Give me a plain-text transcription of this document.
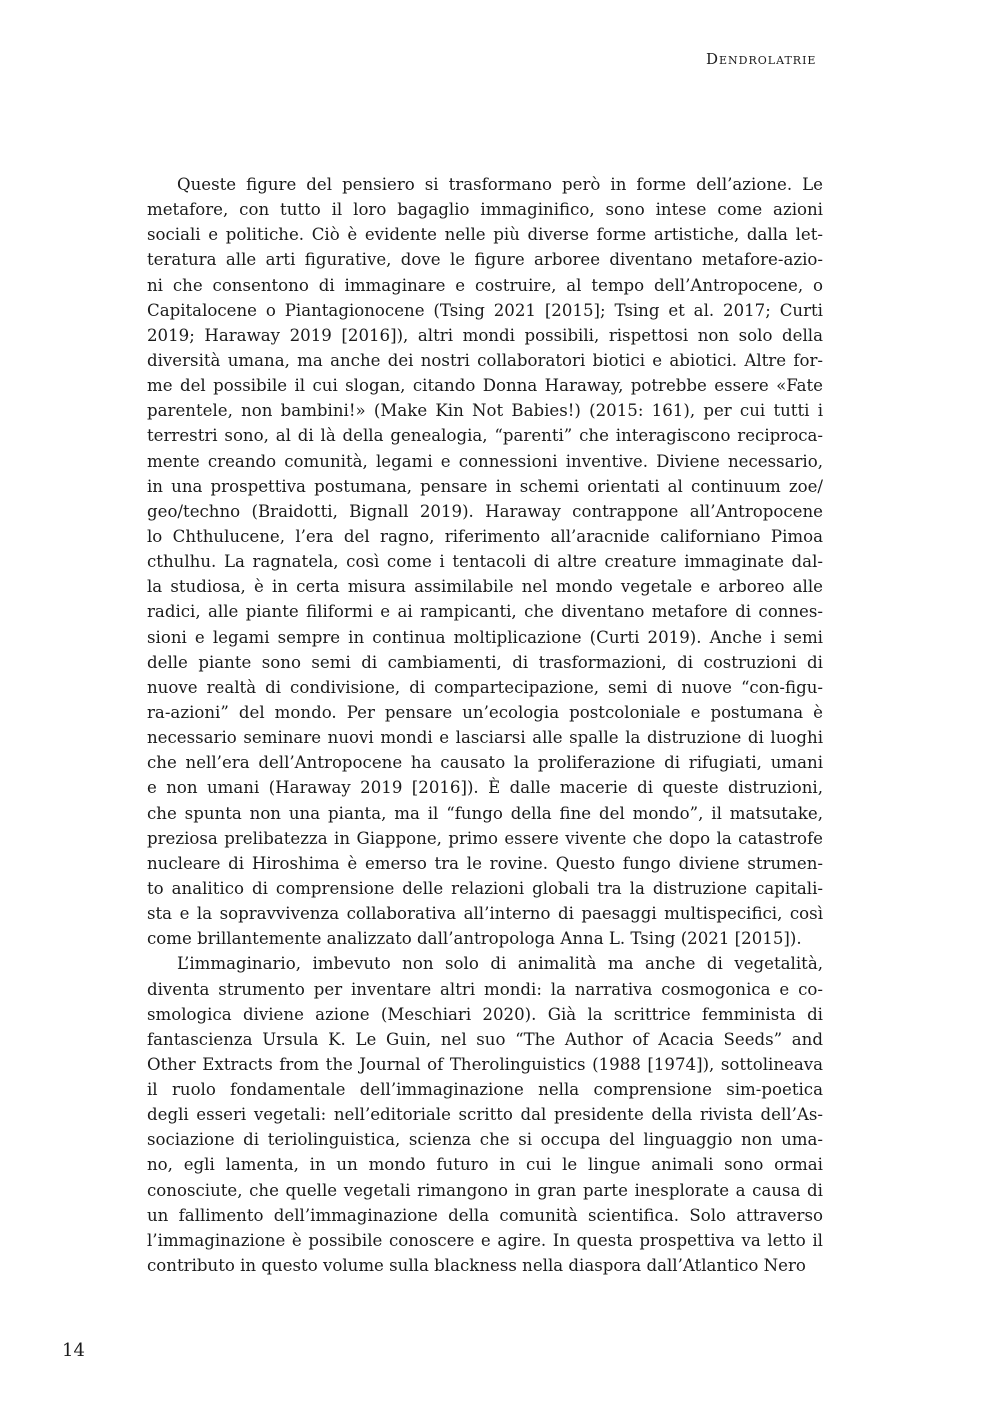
Dendrolatrie
Queste figure del pensiero si trasformano però in forme dell’azione. Le
metafore, con tutto il loro bagaglio immaginifico, sono intese come azioni
sociali e politiche. Ciò è evidente nelle più diverse forme artistiche, dalla let-
teratura alle arti figurative, dove le figure arboree diventano metafore-azio-
ni che consentono di immaginare e costruire, al tempo dell’Antropocene, o
Capitalocene o Piantagionocene (Tsing 2021 [2015]; Tsing et al. 2017; Curti
2019; Haraway 2019 [2016]), altri mondi possibili, rispettosi non solo della
diversità umana, ma anche dei nostri collaboratori biotici e abiotici. Altre for-
me del possibile il cui slogan, citando Donna Haraway, potrebbe essere «Fate
parentele, non bambini!» (Make Kin Not Babies!) (2015: 161), per cui tutti i
terrestri sono, al di là della genealogia, “parenti” che interagiscono reciproca-
mente creando comunità, legami e connessioni inventive. Diviene necessario,
in una prospettiva postumana, pensare in schemi orientati al continuum zoe/
geo/techno (Braidotti, Bignall 2019). Haraway contrappone all’Antropocene
lo Chthulucene, l’era del ragno, riferimento all’aracnide californiano Pimoa
cthulhu. La ragnatela, così come i tentacoli di altre creature immaginate dal-
la studiosa, è in certa misura assimilabile nel mondo vegetale e arboreo alle
radici, alle piante filiformi e ai rampicanti, che diventano metafore di connes-
sioni e legami sempre in continua moltiplicazione (Curti 2019). Anche i semi
delle piante sono semi di cambiamenti, di trasformazioni, di costruzioni di
nuove realtà di condivisione, di compartecipazione, semi di nuove “con-figu-
ra-azioni” del mondo. Per pensare un’ecologia postcoloniale e postumana è
necessario seminare nuovi mondi e lasciarsi alle spalle la distruzione di luoghi
che nell’era dell’Antropocene ha causato la proliferazione di rifugiati, umani
e non umani (Haraway 2019 [2016]). È dalle macerie di queste distruzioni,
che spunta non una pianta, ma il “fungo della fine del mondo”, il matsutake,
preziosa prelibatezza in Giappone, primo essere vivente che dopo la catastrofe
nucleare di Hiroshima è emerso tra le rovine. Questo fungo diviene strumen-
to analitico di comprensione delle relazioni globali tra la distruzione capitali-
sta e la sopravvivenza collaborativa all’interno di paesaggi multispecifici, così
come brillantemente analizzato dall’antropologa Anna L. Tsing (2021 [2015]).
L’immaginario, imbevuto non solo di animalità ma anche di vegetalità,
diventa strumento per inventare altri mondi: la narrativa cosmogonica e co-
smologica diviene azione (Meschiari 2020). Già la scrittrice femminista di
fantascienza Ursula K. Le Guin, nel suo “The Author of Acacia Seeds” and
Other Extracts from the Journal of Therolinguistics (1988 [1974]), sottolineava
il ruolo fondamentale dell’immaginazione nella comprensione sim-poetica
degli esseri vegetali: nell’editoriale scritto dal presidente della rivista dell’As-
sociazione di teriolinguistica, scienza che si occupa del linguaggio non uma-
no, egli lamenta, in un mondo futuro in cui le lingue animali sono ormai
conosciute, che quelle vegetali rimangono in gran parte inesplorate a causa di
un fallimento dell’immaginazione della comunità scientifica. Solo attraverso
l’immaginazione è possibile conoscere e agire. In questa prospettiva va letto il
contributo in questo volume sulla blackness nella diaspora dall’Atlantico Nero
14
